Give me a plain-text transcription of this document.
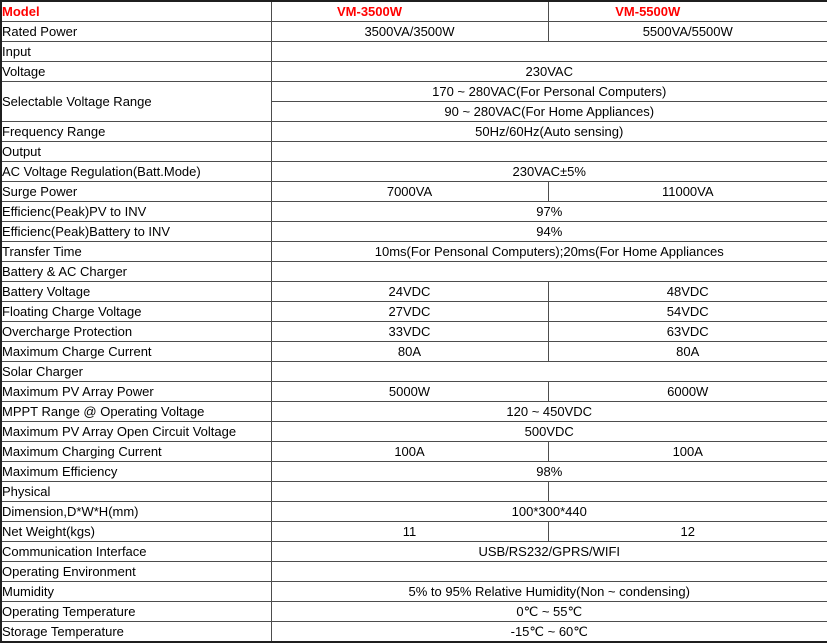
Model	VM-3500W	VM-5500W
Rated Power	3500VA/3500W	5500VA/5500W
Input		
Voltage	230VAC	
Selectable Voltage Range	170 ~ 280VAC(For Personal Computers)	
	90 ~ 280VAC(For Home Appliances)	
Frequency Range	50Hz/60Hz(Auto sensing)	
Output		
AC Voltage Regulation(Batt.Mode)	230VAC±5%	
Surge Power	7000VA	11000VA
Efficienc(Peak)PV to INV	97%	
Efficienc(Peak)Battery to INV	94%	
Transfer Time	10ms(For Pensonal Computers);20ms(For Home Appliances	
Battery & AC Charger		
Battery Voltage	24VDC	48VDC
Floating Charge Voltage	27VDC	54VDC
Overcharge Protection	33VDC	63VDC
Maximum Charge Current	80A	80A
Solar Charger		
Maximum PV Array Power	5000W	6000W
MPPT Range @ Operating Voltage	120 ~ 450VDC	
Maximum PV Array Open Circuit Voltage	500VDC	
Maximum Charging Current	100A	100A
Maximum Efficiency	98%	
Physical		
Dimension,D*W*H(mm)	100*300*440	
Net Weight(kgs)	11	12
Communication Interface	USB/RS232/GPRS/WIFI	
Operating Environment		
Mumidity	5% to 95% Relative Humidity(Non ~ condensing)	
Operating Temperature	0℃ ~ 55℃	
Storage Temperature	-15℃ ~ 60℃	
